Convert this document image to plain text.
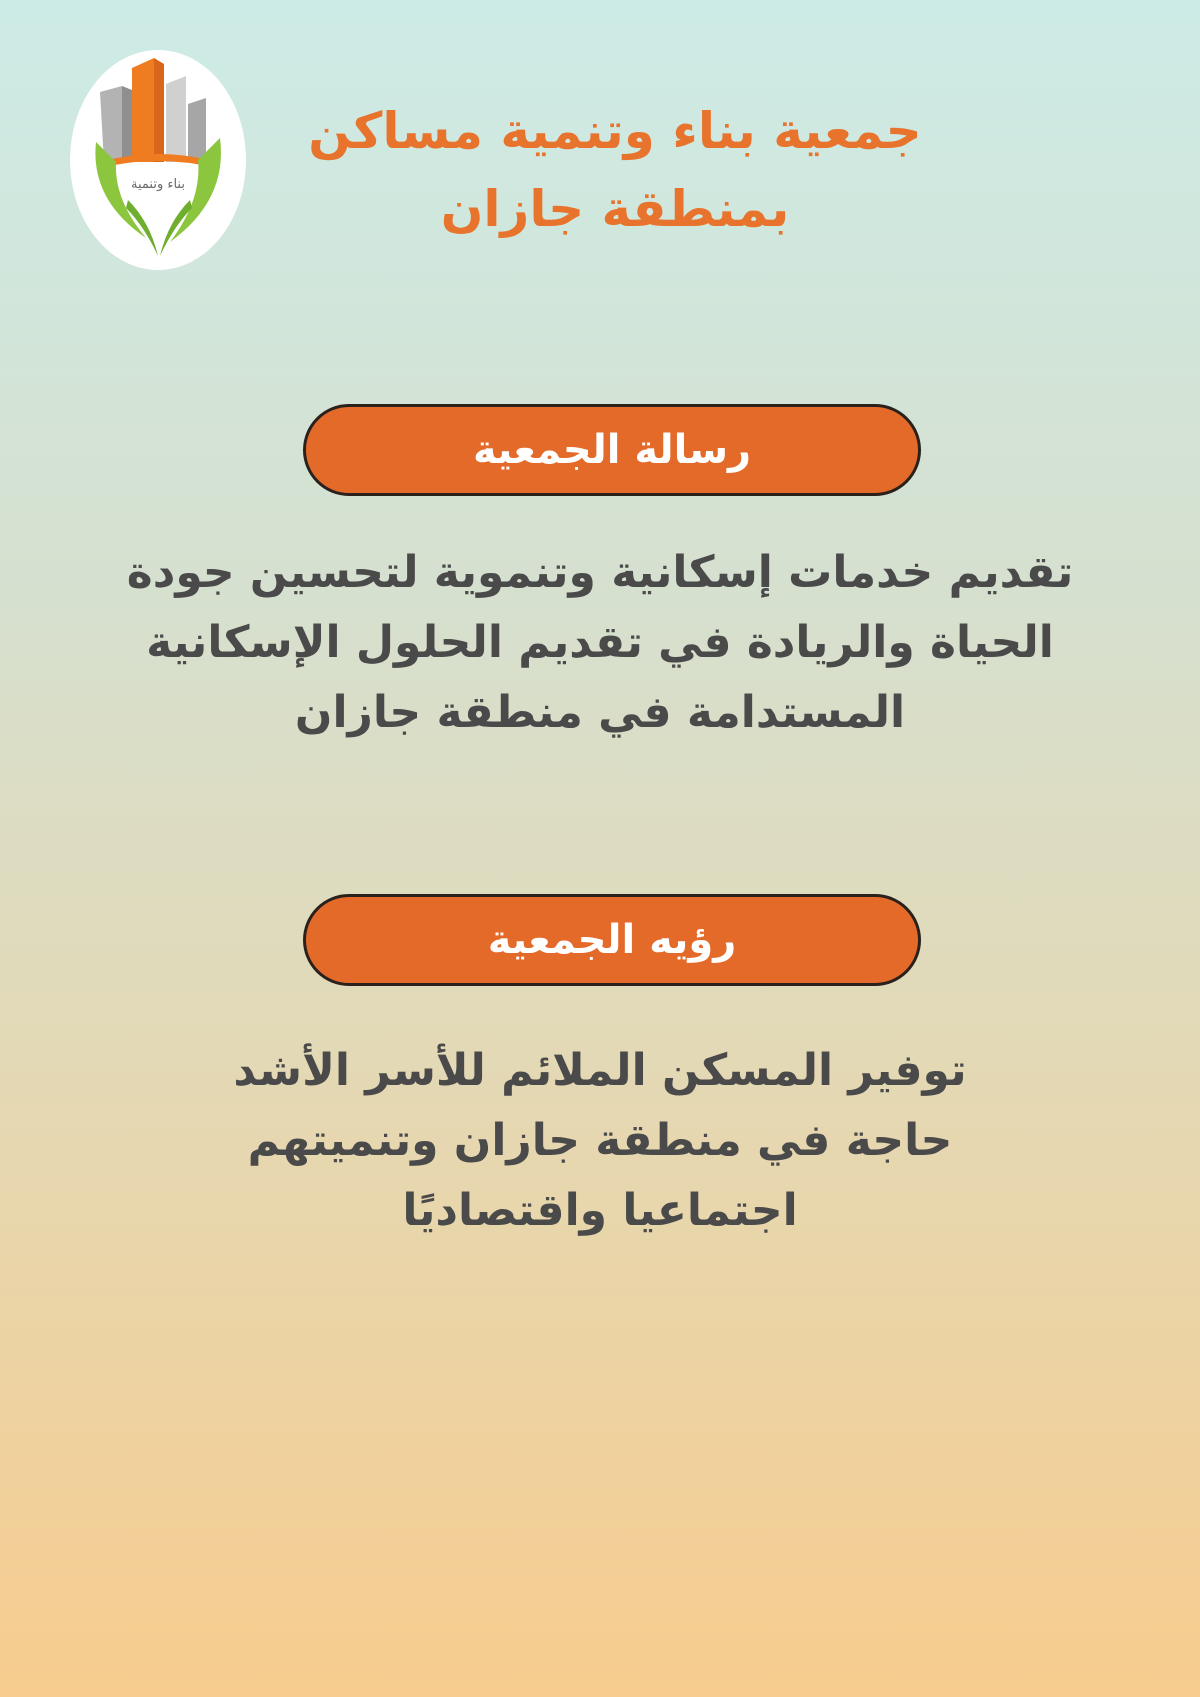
بناء وتنمية
جمعية بناء وتنمية مساكن
بمنطقة جازان
رسالة الجمعية

تقديم خدمات إسكانية وتنموية لتحسين جودة
الحياة والريادة في تقديم الحلول الإسكانية
المستدامة في منطقة جازان

رؤيه الجمعية

توفير المسكن الملائم للأسر الأشد
حاجة في منطقة جازان وتنميتهم
اجتماعيا واقتصاديًا
